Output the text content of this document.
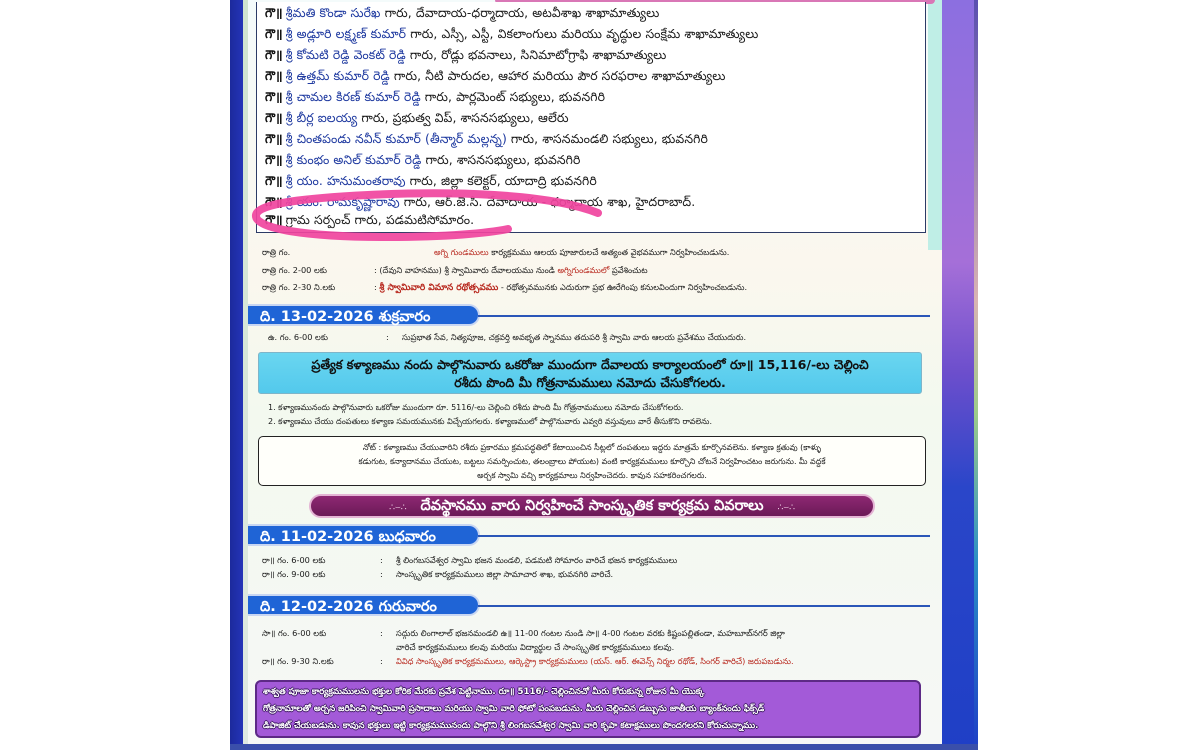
గౌ॥ శ్రీమతి కొండా సురేఖ గారు, దేవాదాయ-ధర్మాదాయ, అటవీశాఖ శాఖామాత్యులు
గౌ॥ శ్రీ అడ్లూరి లక్ష్మణ్ కుమార్ గారు, ఎస్సీ, ఎస్టీ, వికలాంగులు మరియు వృద్ధుల సంక్షేమ శాఖామాత్యులు
గౌ॥ శ్రీ కోమటి రెడ్డి వెంకట్ రెడ్డి గారు, రోడ్లు భవనాలు, సినిమాటోగ్రాఫి శాఖామాత్యులు
గౌ॥ శ్రీ ఉత్తమ్ కుమార్ రెడ్డి గారు, నీటి పారుదల, ఆహార మరియు పౌర సరఫరాల శాఖామాత్యులు
గౌ॥ శ్రీ చామల కిరణ్ కుమార్ రెడ్డి గారు, పార్లమెంట్ సభ్యులు, భువనగిరి
గౌ॥ శ్రీ బీర్ల ఐలయ్య గారు, ప్రభుత్వ విప్, శాసనసభ్యులు, ఆలేరు
గౌ॥ శ్రీ చింతపండు నవీన్ కుమార్ (తీన్మార్ మల్లన్న) గారు, శాసనమండలి సభ్యులు, భువనగిరి
గౌ॥ శ్రీ కుంభం అనిల్ కుమార్ రెడ్డి గారు, శాసనసభ్యులు, భువనగిరి
గౌ॥ శ్రీ యం. హనుమంతరావు గారు, జిల్లా కలెక్టర్, యాదాద్రి భువనగిరి
గౌ॥ శ్రీ యం. రామకృష్ణారావు గారు, ఆర్.జె.సి. దేవాదాయ - ధర్మాదాయ శాఖ, హైదరాబాద్.
గౌ॥ గ్రామ సర్పంచ్ గారు, పడమటిసోమారం.
రాత్రి గం.	అగ్ని గుండములు కార్యక్రమము ఆలయ పూజారులచే అత్యంత వైభవముగా నిర్వహించబడును.
రాత్రి గం. 2-00 లకు	: (దేవుని వాహనము) శ్రీ స్వామివారు దేవాలయము నుండి అగ్నిగుండములో ప్రవేశించుట
రాత్రి గం. 2-30 ని.లకు	: శ్రీ స్వామివారి విమాన రథోత్సవము - రథోత్సవమునకు ఎదురుగా ప్రభ ఊరేగింపు కనులవిందుగా నిర్వహించబడును.
ది. 13-02-2026 శుక్రవారం
ఉ. గం. 6-00 లకు	: సుప్రభాత సేవ, నిత్యపూజ, చక్రవర్తి అవభృత స్నానము తదుపరి శ్రీ స్వామి వారు ఆలయ ప్రవేశము చేయుదురు.
ప్రత్యేక కళ్యాణము నందు పాల్గొనువారు ఒకరోజు ముందుగా దేవాలయ కార్యాలయంలో రూ॥ 15,116/-లు చెల్లించి
రశీదు పొంది మీ గోత్రనామములు నమోదు చేసుకోగలరు.
1. కళ్యాణమునందు పాల్గొనువారు ఒకరోజు ముందుగా రూ. 5116/-లు చెల్లించి రశీదు పొంది మీ గోత్రనామములు నమోదు చేసుకోగలరు.
2. కళ్యాణము చేయు దంపతులు కళ్యాణ సమయమునకు విచ్చేయగలరు. కళ్యాణములో పాల్గొనువారు ఎవ్వరి వస్తువులు వారే తీసుకొని రావలెను.
నోట్ : కళ్యాణము చేయువారిని రశీదు ప్రకారము క్రమపద్ధతిలో కేటాయించిన సీట్లలో దంపతులు ఇద్దరు మాత్రమే కూర్చొనవలెను. కళ్యాణ క్రతువు (కాళ్ళు
కడుగుట, కన్యాదానము చేయుట, బట్టలు సమర్పించుట, తలంబ్రాలు పోయుట) వంటి కార్యక్రమములు కూర్చొని చోటనే నిర్వహించటం జరుగును. మీ వద్దకే
అర్చక స్వామి వచ్చి కార్యక్రమాలు నిర్వహించెదరు. కావున సహకరించగలరు.
∴⌣∴ దేవస్థానము వారు నిర్వహించే సాంస్కృతిక కార్యక్రమ వివరాలు ∴⌣∴
ది. 11-02-2026 బుధవారం
రా॥ గం. 6-00 లకు	: శ్రీ లింగబసవేశ్వర స్వామి భజన మండలి, పడమటి సోమారం వారిచే భజన కార్యక్రమములు
రా॥ గం. 9-00 లకు	: సాంస్కృతిక కార్యక్రమములు జిల్లా సామాచార శాఖ, భువనగిరి వారిచే.
ది. 12-02-2026 గురువారం
సా॥ గం. 6-00 లకు	: సద్గురు లింగాలాల్ భజనమండలి ఉ॥ 11-00 గంటల నుండి సా॥ 4-00 గంటల వరకు కిష్టంపల్లితండా, మహబూబ్‌నగర్ జిల్లా
వారిచే కార్యక్రమములు కలవు మరియు విద్యార్థుల చే సాంస్కృతిక కార్యక్రమములు కలవు.
రా॥ గం. 9-30 ని.లకు	: వివిధ సాంస్కృతిక కార్యక్రమములు, ఆర్కెస్ట్రా కార్యక్రమములు (యస్. ఆర్. ఈవెన్స్ నిర్మల రథోడ్, సింగర్ వారిచే) జరుపబడును.
శాశ్వత పూజా కార్యక్రమములను భక్తుల కోరిక మేరకు ప్రవేశ పెట్టినాము. రూ॥ 5116/- చెల్లించినచో మీరు కోరుకున్న రోజున మీ యొక్క
గోత్రనామాలతో అర్చన జరిపించి స్వామివారి ప్రసాదాలు మరియు స్వామి వారి ఫోటో పంపబడును. మీరు చెల్లించిన డబ్బును జాతీయ బ్యాంక్‌నందు ఫిక్స్‌డ్
డిపాజిట్ చేయబడును. కావున భక్తులు ఇట్టి కార్యక్రమమునందు పాల్గొని శ్రీ లింగబసవేశ్వర స్వామి వారి కృపా కటాక్షములు పొందగలరని కోరుచున్నాము.
